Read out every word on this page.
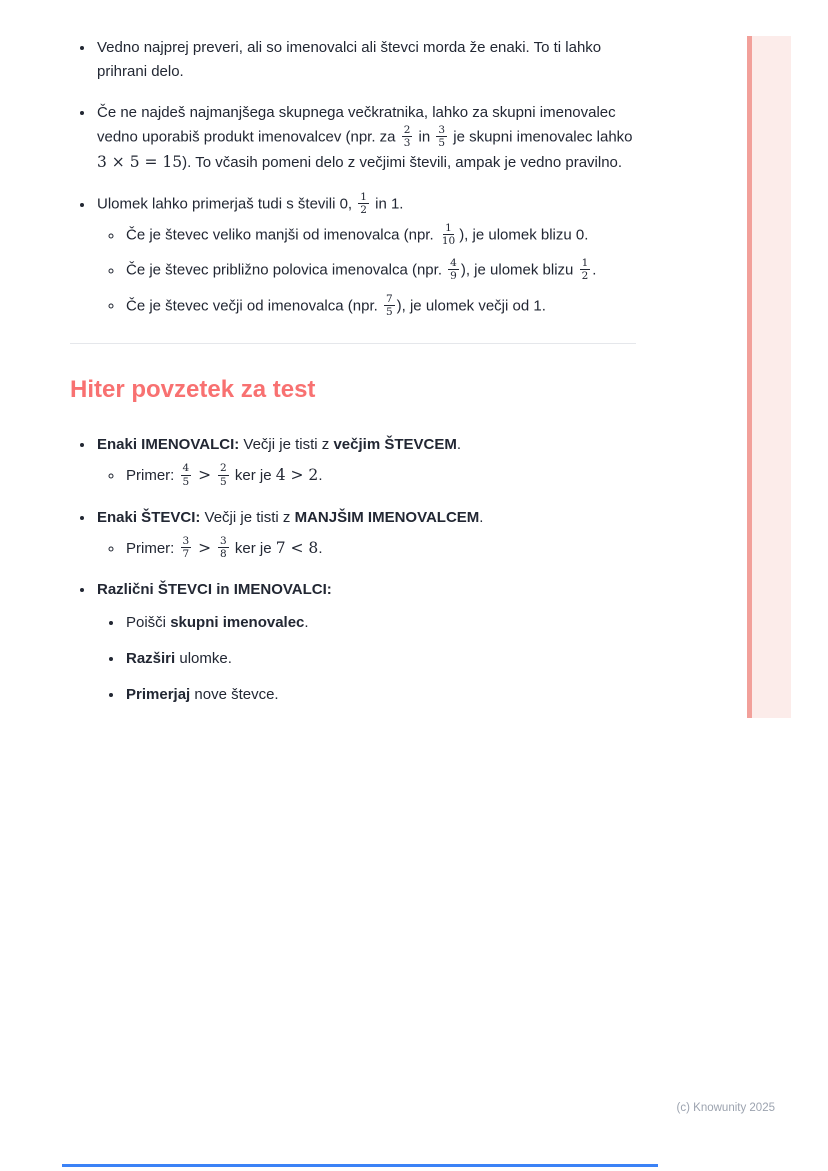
• Vedno najprej preveri, ali so imenovalci ali števci morda že enaki. To ti lahko prihrani delo.
• Če ne najdeš najmanjšega skupnega večkratnika, lahko za skupni imenovalec vedno uporabiš produkt imenovalcev (npr. za $\frac{2}{3}$ in $\frac{3}{5}$ je skupni imenovalec lahko 3 × 5 = 15). To včasih pomeni delo z večjimi števili, ampak je vedno pravilno.
• Ulomek lahko primerjaš tudi s števili 0, $\frac{1}{2}$ in 1.
◦ Če je števec veliko manjši od imenovalca (npr. $\frac{1}{10}$ ), je ulomek blizu 0.
◦ Če je števec približno polovica imenovalca (npr. $\frac{4}{9}$ ), je ulomek blizu $\frac{1}{2}$ .
◦ Če je števec večji od imenovalca (npr. $\frac{7}{5}$ ), je ulomek večji od 1.
Hiter povzetek za test
• Enaki IMENOVALCI: Večji je tisti z večjim ŠTEVCEM.
◦ Primer: $\frac{4}{5} > \frac{2}{5}$ ker je 4 > 2.
• Enaki ŠTEVCI: Večji je tisti z MANJŠIM IMENOVALCEM.
◦ Primer: $\frac{3}{7} > \frac{3}{8}$ ker je 7 < 8.
• Različni ŠTEVCI in IMENOVALCI:
• Poišči skupni imenovalec.
• Razširi ulomke.
• Primerjaj nove števce.
(c) Knowunity 2025
